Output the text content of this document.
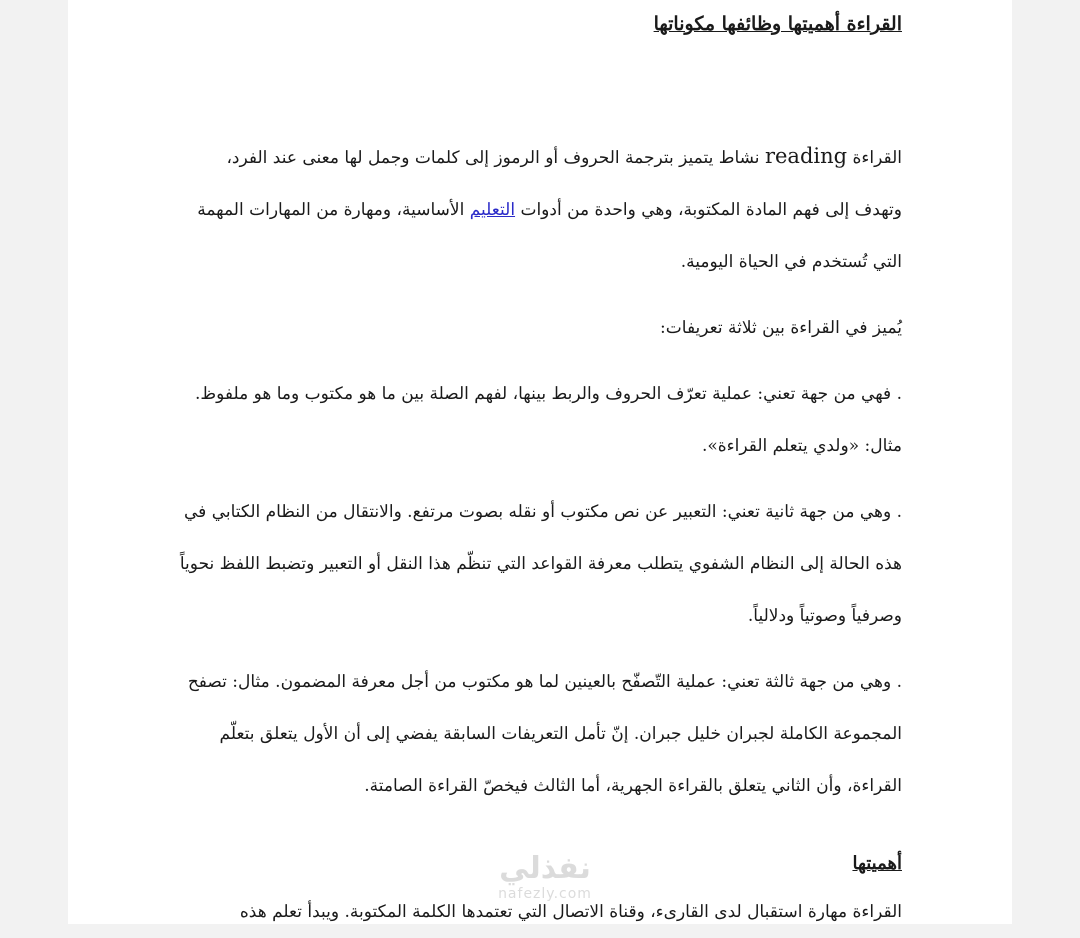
القراءة أهميتها وظائفها مكوناتها

القراءة reading نشاط يتميز بترجمة الحروف أو الرموز إلى كلمات وجمل لها معنى عند الفرد، وتهدف إلى فهم المادة المكتوبة، وهي واحدة من أدوات التعليم الأساسية، ومهارة من المهارات المهمة التي تُستخدم في الحياة اليومية.

يُميز في القراءة بين ثلاثة تعريفات:

. فهي من جهة تعني: عملية تعرّف الحروف والربط بينها، لفهم الصلة بين ما هو مكتوب وما هو ملفوظ. مثال: «ولدي يتعلم القراءة».

. وهي من جهة ثانية تعني: التعبير عن نص مكتوب أو نقله بصوت مرتفع. والانتقال من النظام الكتابي في هذه الحالة إلى النظام الشفوي يتطلب معرفة القواعد التي تنظّم هذا النقل أو التعبير وتضبط اللفظ نحوياً وصرفياً وصوتياً ودلالياً.

. وهي من جهة ثالثة تعني: عملية التّصفّح بالعينين لما هو مكتوب من أجل معرفة المضمون. مثال: تصفح المجموعة الكاملة لجبران خليل جبران. إنّ تأمل التعريفات السابقة يفضي إلى أن الأول يتعلق بتعلّم القراءة، وأن الثاني يتعلق بالقراءة الجهرية، أما الثالث فيخصّ القراءة الصامتة.

أهميتها

القراءة مهارة استقبال لدى القارىء، وقناة الاتصال التي تعتمدها الكلمة المكتوبة. ويبدأ تعلم هذه

نفذلي
nafezly.com
